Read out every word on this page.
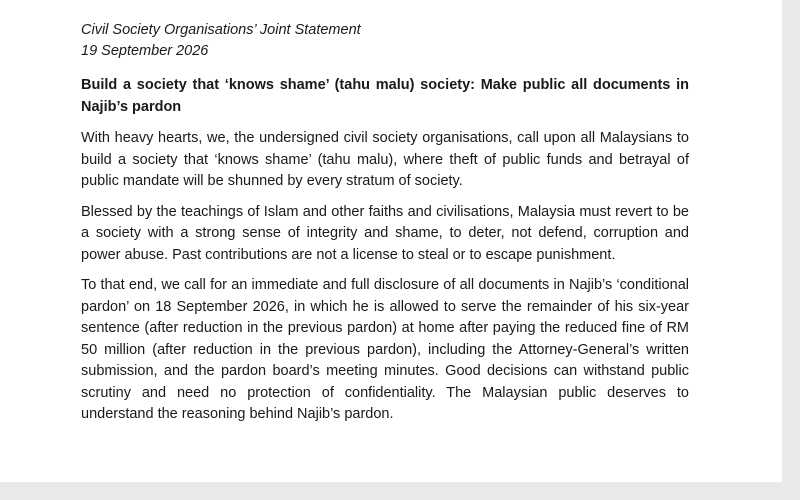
Civil Society Organisations’ Joint Statement

19 September 2026

Build a society that ‘knows shame’ (tahu malu) society: Make public all documents in Najib’s pardon

With heavy hearts, we, the undersigned civil society organisations, call upon all Malaysians to build a society that ‘knows shame’ (tahu malu), where theft of public funds and betrayal of public mandate will be shunned by every stratum of society.

Blessed by the teachings of Islam and other faiths and civilisations, Malaysia must revert to be a society with a strong sense of integrity and shame, to deter, not defend, corruption and power abuse. Past contributions are not a license to steal or to escape punishment.

To that end, we call for an immediate and full disclosure of all documents in Najib’s ‘conditional pardon’ on 18 September 2026, in which he is allowed to serve the remainder of his six-year sentence (after reduction in the previous pardon) at home after paying the reduced fine of RM 50 million (after reduction in the previous pardon), including the Attorney-General’s written submission, and the pardon board’s meeting minutes. Good decisions can withstand public scrutiny and need no protection of confidentiality. The Malaysian public deserves to understand the reasoning behind Najib’s pardon.
